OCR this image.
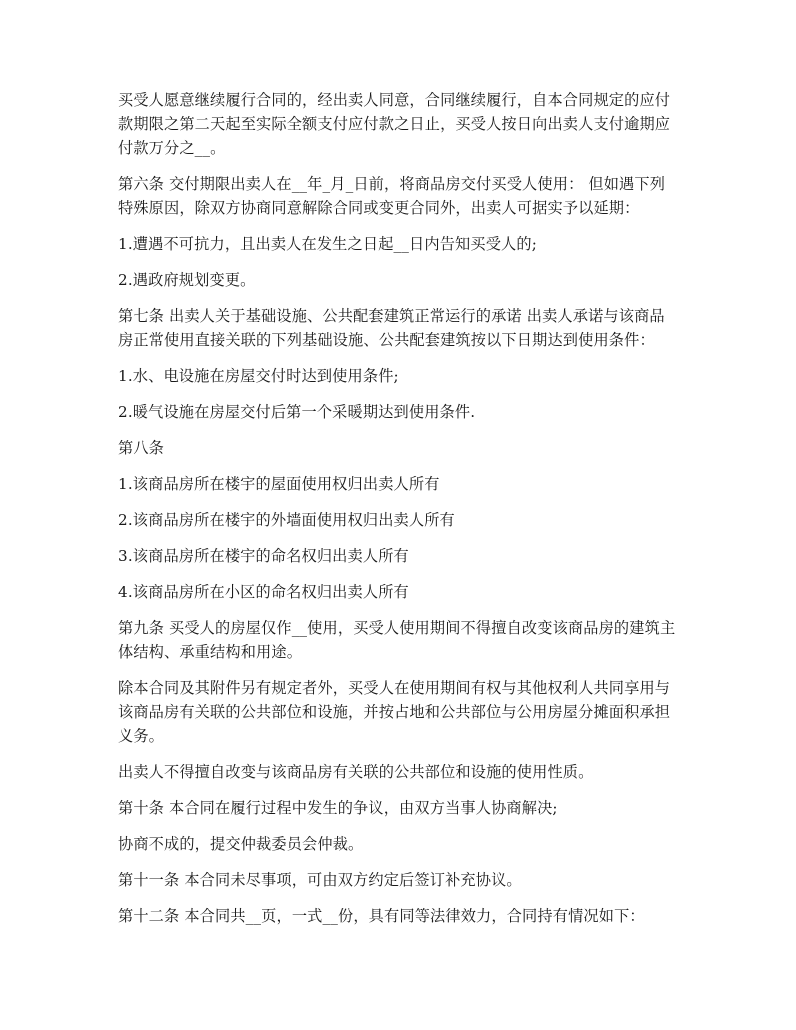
买受人愿意继续履行合同的，经出卖人同意，合同继续履行，自本合同规定的应付款期限之第二天起至实际全额支付应付款之日止，买受人按日向出卖人支付逾期应付款万分之__。

第六条 交付期限出卖人在__年_月_日前，将商品房交付买受人使用： 但如遇下列特殊原因，除双方协商同意解除合同或变更合同外，出卖人可据实予以延期：

1.遭遇不可抗力，且出卖人在发生之日起__日内告知买受人的;

2.遇政府规划变更。

第七条 出卖人关于基础设施、公共配套建筑正常运行的承诺 出卖人承诺与该商品房正常使用直接关联的下列基础设施、公共配套建筑按以下日期达到使用条件：

1.水、电设施在房屋交付时达到使用条件;

2.暖气设施在房屋交付后第一个采暖期达到使用条件.

第八条

1.该商品房所在楼宇的屋面使用权归出卖人所有

2.该商品房所在楼宇的外墙面使用权归出卖人所有

3.该商品房所在楼宇的命名权归出卖人所有

4.该商品房所在小区的命名权归出卖人所有

第九条 买受人的房屋仅作__使用，买受人使用期间不得擅自改变该商品房的建筑主体结构、承重结构和用途。

除本合同及其附件另有规定者外，买受人在使用期间有权与其他权利人共同享用与该商品房有关联的公共部位和设施，并按占地和公共部位与公用房屋分摊面积承担义务。

出卖人不得擅自改变与该商品房有关联的公共部位和设施的使用性质。

第十条 本合同在履行过程中发生的争议，由双方当事人协商解决;

协商不成的，提交仲裁委员会仲裁。

第十一条 本合同未尽事项，可由双方约定后签订补充协议。

第十二条 本合同共__页，一式__份，具有同等法律效力，合同持有情况如下：
